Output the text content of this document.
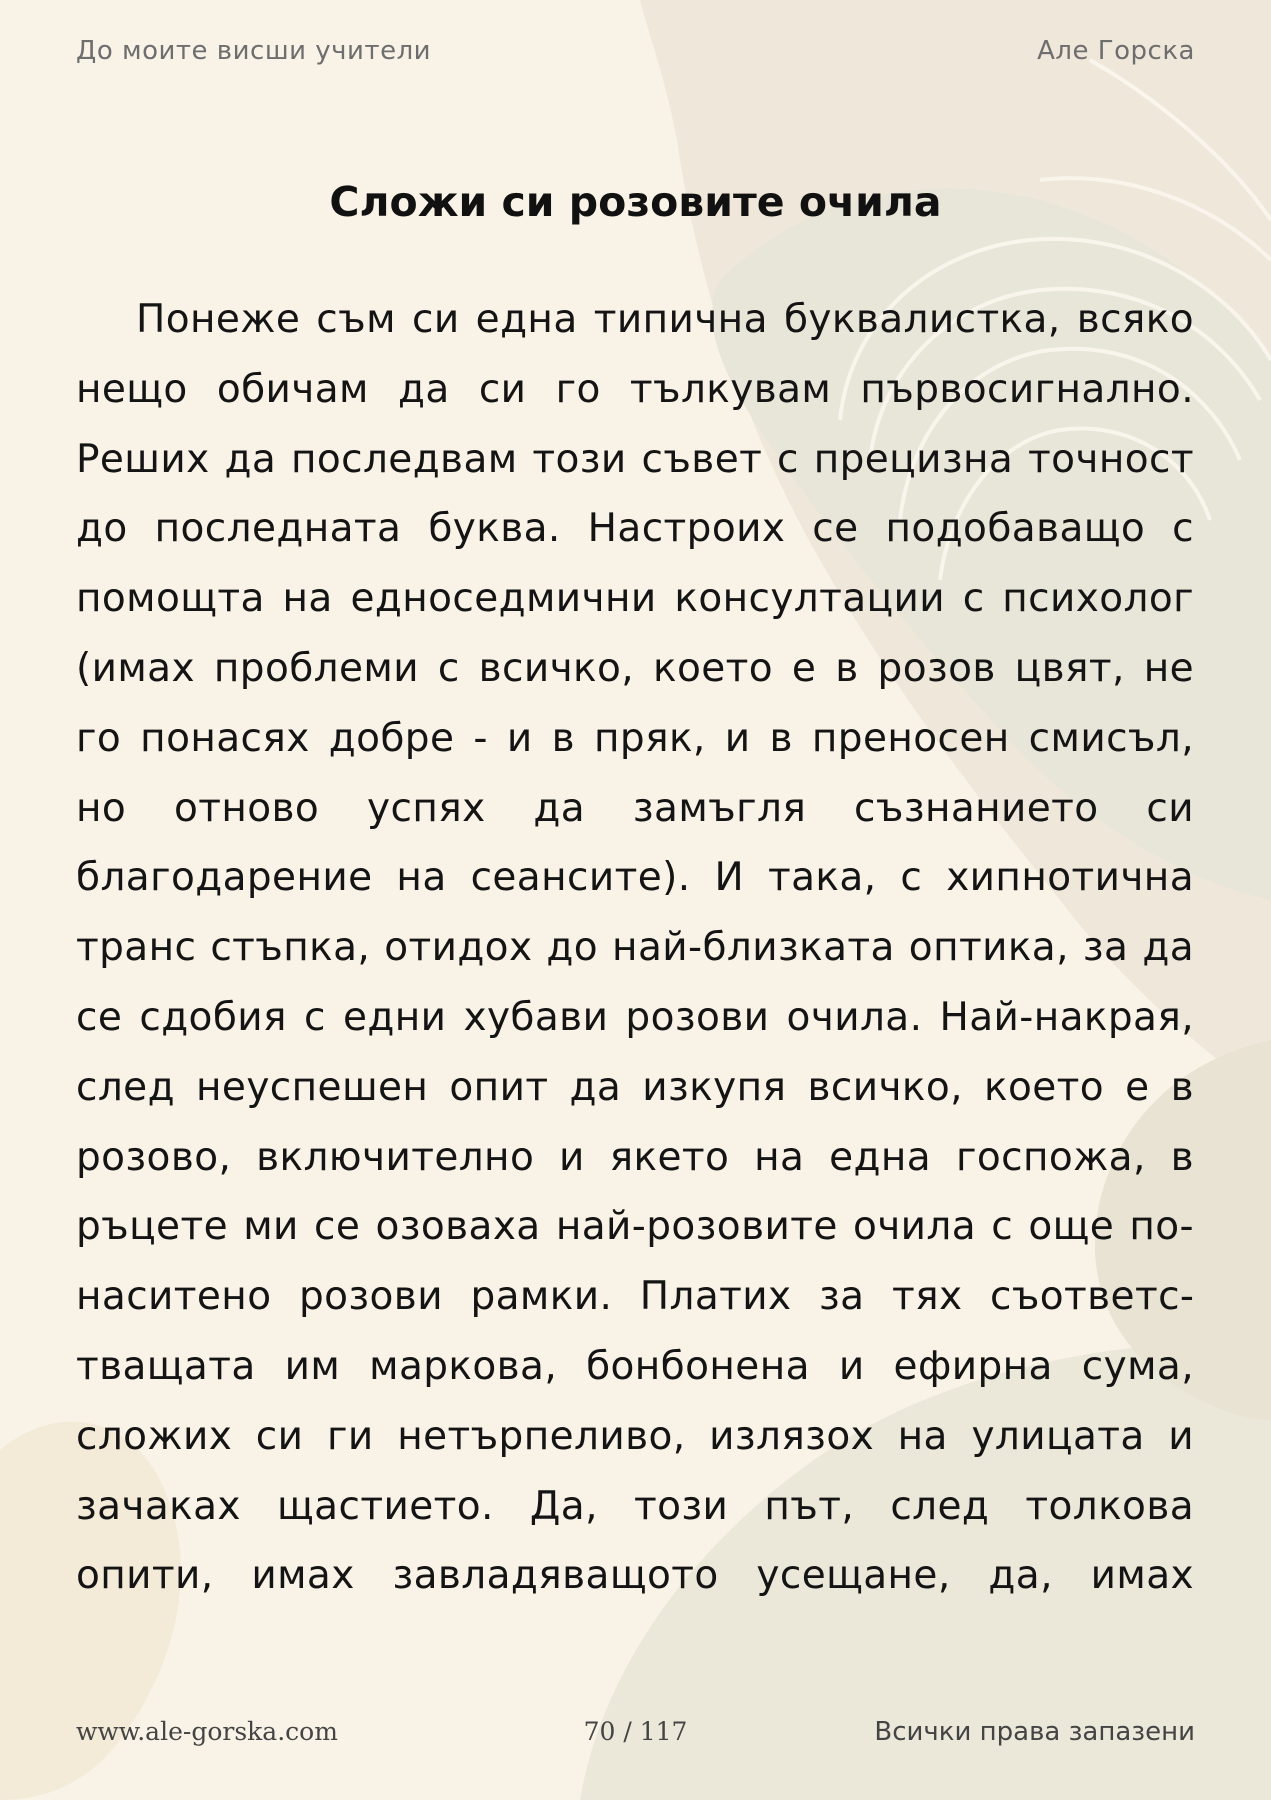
До моите висши учители	Але Горска
Сложи си розовите очила

Понеже съм си една типична буквалистка, всяко нещо обичам да си го тълкувам първосигнално. Реших да последвам този съвет с прецизна точност до последната буква. Настроих се подобаващо с помощта на едноседмични консултации с психолог (имах проблеми с всичко, което е в розов цвят, не го понасях добре - и в пряк, и в преносен смисъл, но отново успях да замъгля съзнанието си благодарение на сеансите). И така, с хипнотична транс стъпка, отидох до най-близката оптика, за да се сдобия с едни хубави розови очила. Най-накрая, след неуспешен опит да изкупя всичко, което е в розово, включително и якето на една госпожа, в ръцете ми се озоваха най-розовите очила с още по-наситено розови рамки. Платих за тях съответстващата им маркова, бонбонена и ефирна сума, сложих си ги нетърпеливо, излязох на улицата и зачаках щастието. Да, този път, след толкова опити, имах завладяващото усещане, да, имах

www.ale-gorska.com	70 / 117	Всички права запазени
